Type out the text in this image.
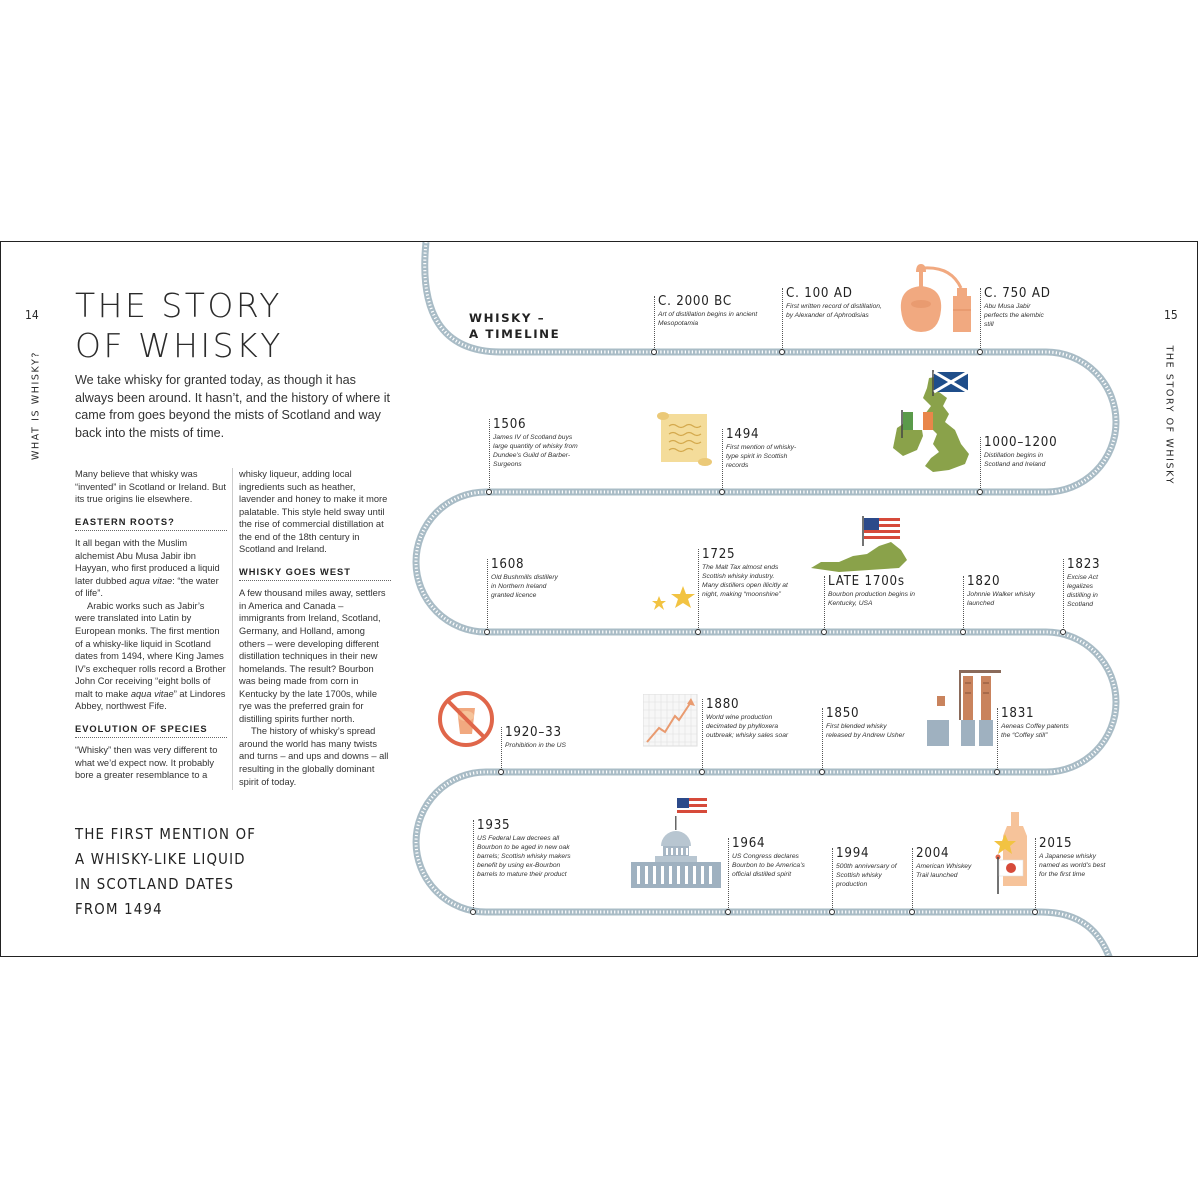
14
WHAT IS WHISKY?
THE STORY
OF WHISKY
We take whisky for granted today, as though it has always been around. It hasn’t, and the history of where it came from goes beyond the mists of Scotland and way back into the mists of time.

Many believe that whisky was “invented” in Scotland or Ireland. But its true origins lie elsewhere.

EASTERN ROOTS?

It all began with the Muslim alchemist Abu Musa Jabir ibn Hayyan, who first produced a liquid later dubbed aqua vitae: “the water of life”.

Arabic works such as Jabir’s were translated into Latin by European monks. The first mention of a whisky-like liquid in Scotland dates from 1494, where King James IV’s exchequer rolls record a Brother John Cor receiving “eight bolls of malt to make aqua vitae” at Lindores Abbey, northwest Fife.

EVOLUTION OF SPECIES

“Whisky” then was very different to what we’d expect now. It probably bore a greater resemblance to a

whisky liqueur, adding local ingredients such as heather, lavender and honey to make it more palatable. This style held sway until the rise of commercial distillation at the end of the 18th century in Scotland and Ireland.

WHISKY GOES WEST

A few thousand miles away, settlers in America and Canada – immigrants from Ireland, Scotland, Germany, and Holland, among others – were developing different distillation techniques in their new homelands. The result? Bourbon was being made from corn in Kentucky by the late 1700s, while rye was the preferred grain for distilling spirits further north.

The history of whisky’s spread around the world has many twists and turns – and ups and downs – all resulting in the globally dominant spirit of today.

THE FIRST MENTION OF
A WHISKY-LIKE LIQUID
IN SCOTLAND DATES
FROM 1494
15
THE STORY OF WHISKY
WHISKY –
A TIMELINE
C. 2000 BC
Art of distillation begins in ancient Mesopotamia
C. 100 AD
First written record of distillation, by Alexander of Aphrodisias
C. 750 AD
Abu Musa Jabir perfects the alembic still
1506
James IV of Scotland buys large quantity of whisky from Dundee’s Guild of Barber-Surgeons
1494
First mention of whisky-type spirit in Scottish records
1000–1200
Distillation begins in Scotland and Ireland
1608
Old Bushmills distillery in Northern Ireland granted licence
1725
The Malt Tax almost ends Scottish whisky industry. Many distillers open illicitly at night, making “moonshine”
LATE 1700s
Bourbon production begins in Kentucky, USA
1820
Johnnie Walker whisky launched
1823
Excise Act legalizes distilling in Scotland
1920–33
Prohibition in the US
1880
World wine production decimated by phylloxera outbreak; whisky sales soar
1850
First blended whisky released by Andrew Usher
1831
Aeneas Coffey patents the “Coffey still”
1935
US Federal Law decrees all Bourbon to be aged in new oak barrels; Scottish whisky makers benefit by using ex-Bourbon barrels to mature their product
1964
US Congress declares Bourbon to be America’s official distilled spirit
1994
500th anniversary of Scottish whisky production
2004
American Whiskey Trail launched
2015
A Japanese whisky named as world’s best for the first time
